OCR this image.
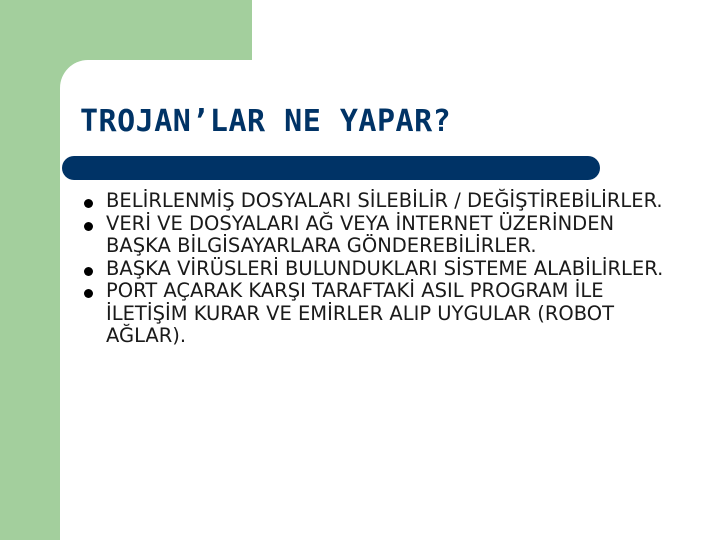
TROJAN’LAR NE YAPAR?
BELİRLENMİŞ DOSYALARI SİLEBİLİR / DEĞİŞTİREBİLİRLER.
VERİ VE DOSYALARI AĞ VEYA İNTERNET ÜZERİNDEN BAŞKA BİLGİSAYARLARA GÖNDEREBİLİRLER.
BAŞKA VİRÜSLERİ BULUNDUKLARI SİSTEME ALABİLİRLER.
PORT AÇARAK KARŞI TARAFTAKİ ASIL PROGRAM İLE İLETİŞİM KURAR VE EMİRLER ALIP UYGULAR (ROBOT AĞLAR).
